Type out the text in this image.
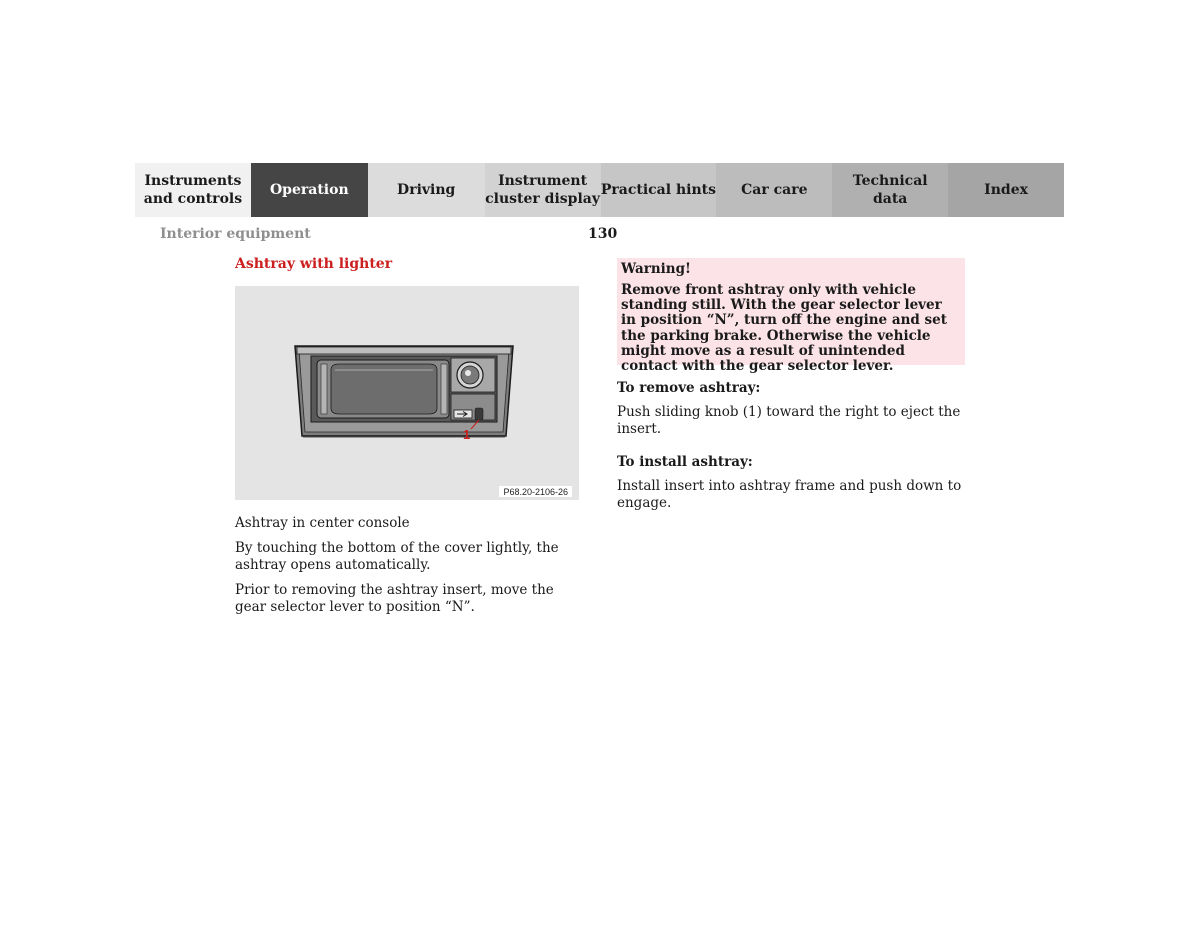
Instruments
and controls
Operation	Driving
Instrument
cluster display
Practical hints	Car care
Technical
data
Index
Interior equipment	130
Ashtray with lighter
1
P68.20-2106-26

Ashtray in center console

By touching the bottom of the cover lightly, the ashtray opens automatically.

Prior to removing the ashtray insert, move the gear selector lever to position “N”.

Warning!
Remove front ashtray only with vehicle standing still. With the gear selector lever in position “N”, turn off the engine and set the parking brake. Otherwise the vehicle might move as a result of unintended contact with the gear selector lever.
To remove ashtray:

Push sliding knob (1) toward the right to eject the insert.

To install ashtray:

Install insert into ashtray frame and push down to engage.
